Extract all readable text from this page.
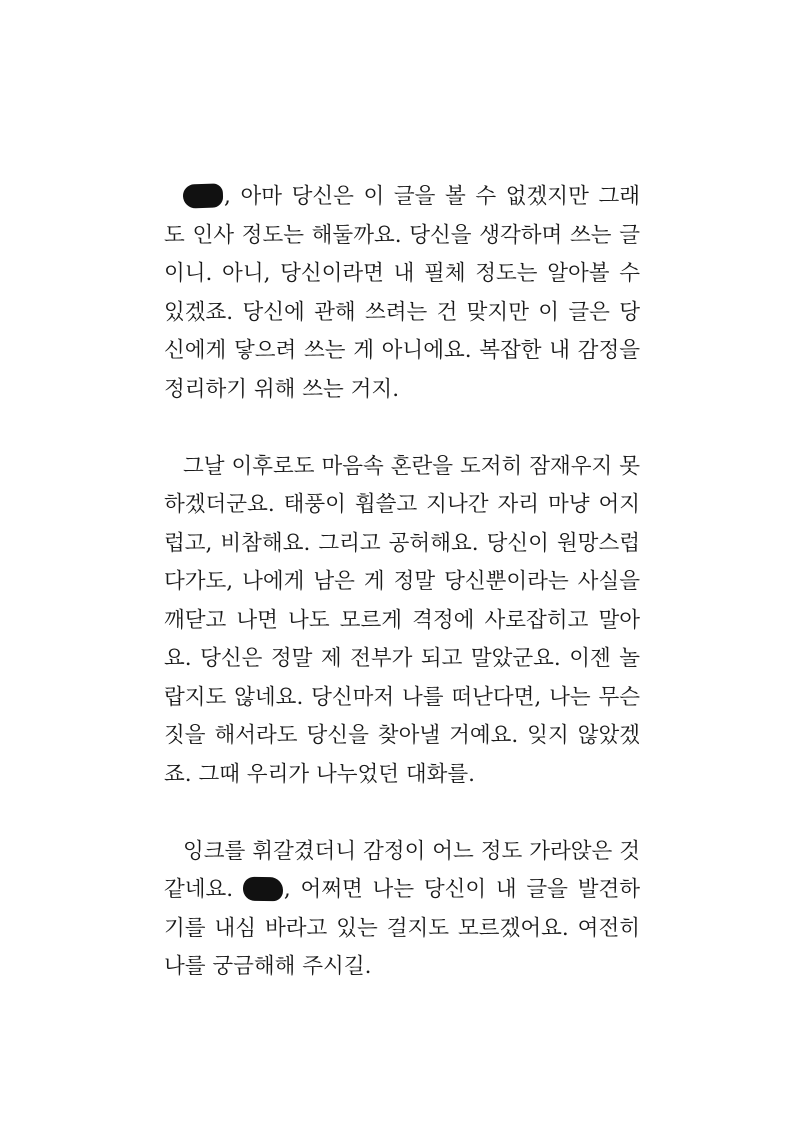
, 아마 당신은 이 글을 볼 수 없겠지만 그래
도 인사 정도는 해둘까요. 당신을 생각하며 쓰는 글
이니. 아니, 당신이라면 내 필체 정도는 알아볼 수
있겠죠. 당신에 관해 쓰려는 건 맞지만 이 글은 당
신에게 닿으려 쓰는 게 아니에요. 복잡한 내 감정을
정리하기 위해 쓰는 거지.

그날 이후로도 마음속 혼란을 도저히 잠재우지 못
하겠더군요. 태풍이 휩쓸고 지나간 자리 마냥 어지
럽고, 비참해요. 그리고 공허해요. 당신이 원망스럽
다가도, 나에게 남은 게 정말 당신뿐이라는 사실을
깨닫고 나면 나도 모르게 격정에 사로잡히고 말아
요. 당신은 정말 제 전부가 되고 말았군요. 이젠 놀
랍지도 않네요. 당신마저 나를 떠난다면, 나는 무슨
짓을 해서라도 당신을 찾아낼 거예요. 잊지 않았겠
죠. 그때 우리가 나누었던 대화를.

잉크를 휘갈겼더니 감정이 어느 정도 가라앉은 것
같네요. , 어쩌면 나는 당신이 내 글을 발견하
기를 내심 바라고 있는 걸지도 모르겠어요. 여전히
나를 궁금해해 주시길.
